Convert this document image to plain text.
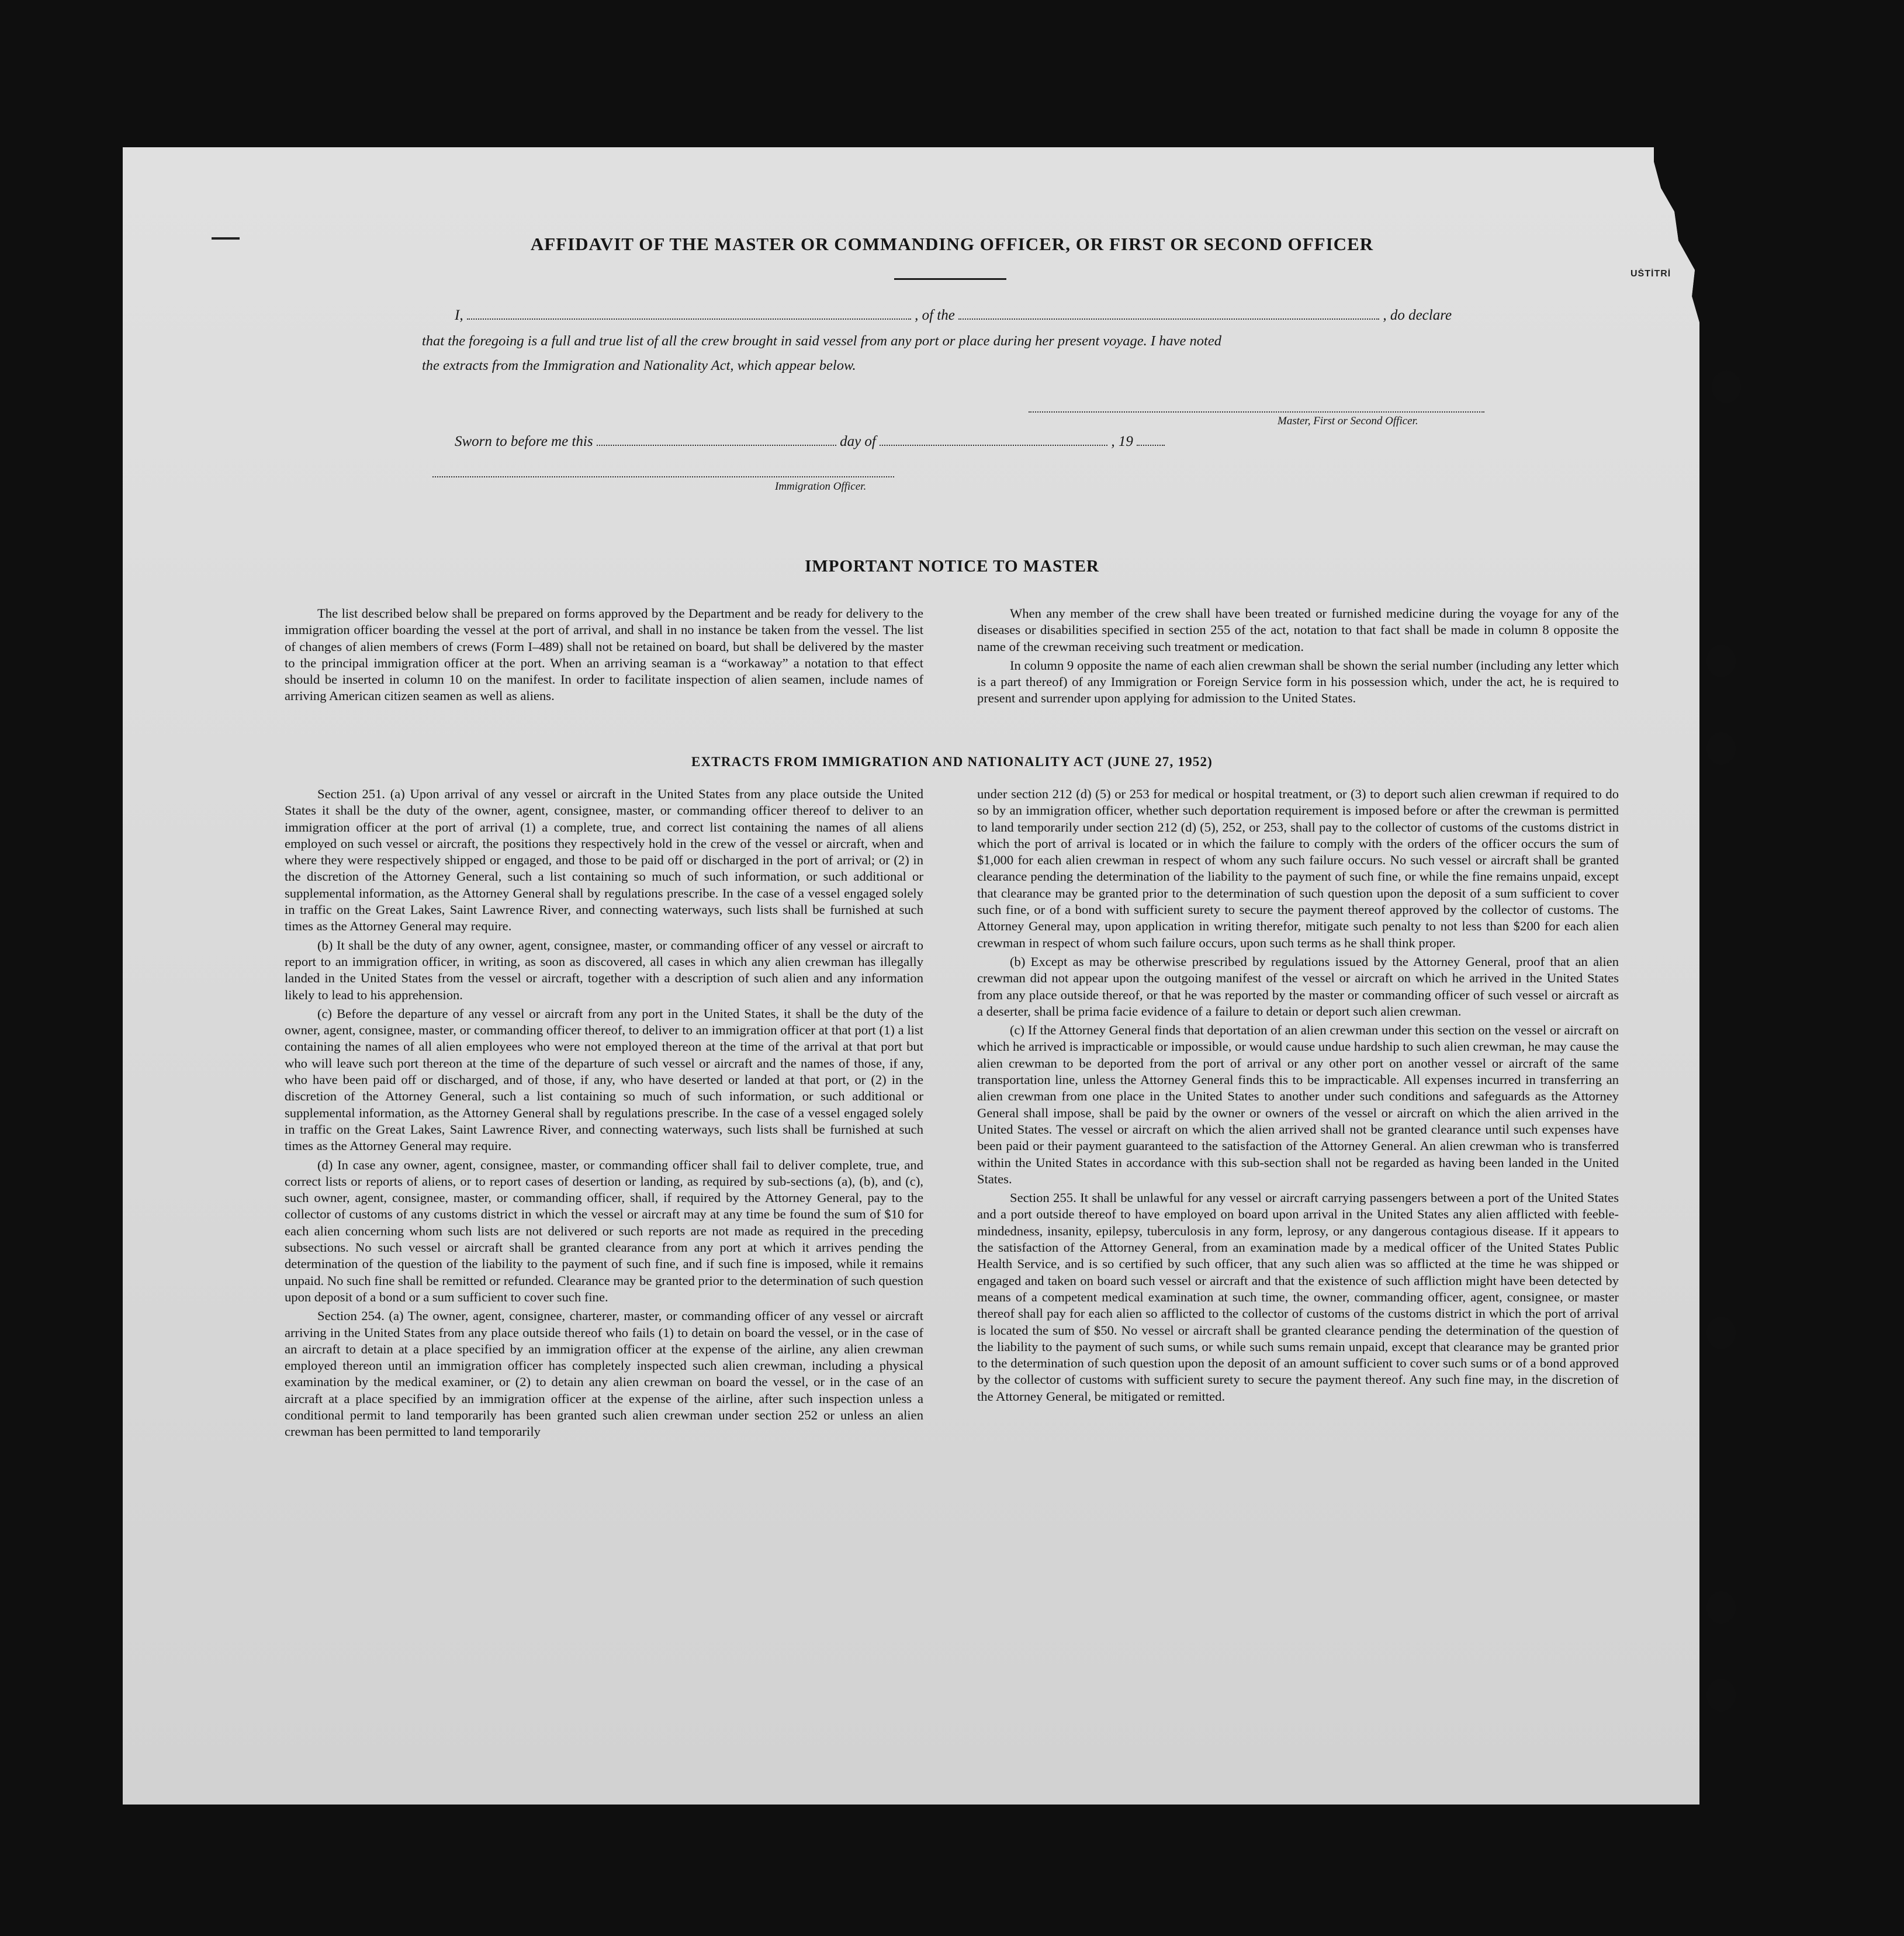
UŠTİTRİ
AFFIDAVIT OF THE MASTER OR COMMANDING OFFICER, OR FIRST OR SECOND OFFICER
I,	, of the	, do declare
that the foregoing is a full and true list of all the crew brought in said vessel from any port or place during her present voyage. I have noted
the extracts from the Immigration and Nationality Act, which appear below.
Master, First or Second Officer.
Sworn to before me this	day of	, 19
Immigration Officer.
IMPORTANT NOTICE TO MASTER

The list described below shall be prepared on forms approved by the Department and be ready for delivery to the immigration officer boarding the vessel at the port of arrival, and shall in no instance be taken from the vessel. The list of changes of alien members of crews (Form I–489) shall not be retained on board, but shall be delivered by the master to the principal immigration officer at the port. When an arriving seaman is a “workaway” a notation to that effect should be inserted in column 10 on the manifest. In order to facilitate inspection of alien seamen, include names of arriving American citizen seamen as well as aliens.

When any member of the crew shall have been treated or furnished medicine during the voyage for any of the diseases or disabilities specified in section 255 of the act, notation to that fact shall be made in column 8 opposite the name of the crewman receiving such treatment or medication.

In column 9 opposite the name of each alien crewman shall be shown the serial number (including any letter which is a part thereof) of any Immigration or Foreign Service form in his possession which, under the act, he is required to present and surrender upon applying for admission to the United States.

EXTRACTS FROM IMMIGRATION AND NATIONALITY ACT (JUNE 27, 1952)

Section 251. (a) Upon arrival of any vessel or aircraft in the United States from any place outside the United States it shall be the duty of the owner, agent, consignee, master, or commanding officer thereof to deliver to an immigration officer at the port of arrival (1) a complete, true, and correct list containing the names of all aliens employed on such vessel or aircraft, the positions they respectively hold in the crew of the vessel or aircraft, when and where they were respectively shipped or engaged, and those to be paid off or discharged in the port of arrival; or (2) in the discretion of the Attorney General, such a list containing so much of such information, or such additional or supplemental information, as the Attorney General shall by regulations prescribe. In the case of a vessel engaged solely in traffic on the Great Lakes, Saint Lawrence River, and connecting waterways, such lists shall be furnished at such times as the Attorney General may require.

(b) It shall be the duty of any owner, agent, consignee, master, or commanding officer of any vessel or aircraft to report to an immigration officer, in writing, as soon as discovered, all cases in which any alien crewman has illegally landed in the United States from the vessel or aircraft, together with a description of such alien and any information likely to lead to his apprehension.

(c) Before the departure of any vessel or aircraft from any port in the United States, it shall be the duty of the owner, agent, consignee, master, or commanding officer thereof, to deliver to an immigration officer at that port (1) a list containing the names of all alien employees who were not employed thereon at the time of the arrival at that port but who will leave such port thereon at the time of the departure of such vessel or aircraft and the names of those, if any, who have been paid off or discharged, and of those, if any, who have deserted or landed at that port, or (2) in the discretion of the Attorney General, such a list containing so much of such information, or such additional or supplemental information, as the Attorney General shall by regulations prescribe. In the case of a vessel engaged solely in traffic on the Great Lakes, Saint Lawrence River, and connecting waterways, such lists shall be furnished at such times as the Attorney General may require.

(d) In case any owner, agent, consignee, master, or commanding officer shall fail to deliver complete, true, and correct lists or reports of aliens, or to report cases of desertion or landing, as required by sub-sections (a), (b), and (c), such owner, agent, consignee, master, or commanding officer, shall, if required by the Attorney General, pay to the collector of customs of any customs district in which the vessel or aircraft may at any time be found the sum of $10 for each alien concerning whom such lists are not delivered or such reports are not made as required in the preceding subsections. No such vessel or aircraft shall be granted clearance from any port at which it arrives pending the determination of the question of the liability to the payment of such fine, and if such fine is imposed, while it remains unpaid. No such fine shall be remitted or refunded. Clearance may be granted prior to the determination of such question upon deposit of a bond or a sum sufficient to cover such fine.

Section 254. (a) The owner, agent, consignee, charterer, master, or commanding officer of any vessel or aircraft arriving in the United States from any place outside thereof who fails (1) to detain on board the vessel, or in the case of an aircraft to detain at a place specified by an immigration officer at the expense of the airline, any alien crewman employed thereon until an immigration officer has completely inspected such alien crewman, including a physical examination by the medical examiner, or (2) to detain any alien crewman on board the vessel, or in the case of an aircraft at a place specified by an immigration officer at the expense of the airline, after such inspection unless a conditional permit to land temporarily has been granted such alien crewman under section 252 or unless an alien crewman has been permitted to land temporarily

under section 212 (d) (5) or 253 for medical or hospital treatment, or (3) to deport such alien crewman if required to do so by an immigration officer, whether such deportation requirement is imposed before or after the crewman is permitted to land temporarily under section 212 (d) (5), 252, or 253, shall pay to the collector of customs of the customs district in which the port of arrival is located or in which the failure to comply with the orders of the officer occurs the sum of $1,000 for each alien crewman in respect of whom any such failure occurs. No such vessel or aircraft shall be granted clearance pending the determination of the liability to the payment of such fine, or while the fine remains unpaid, except that clearance may be granted prior to the determination of such question upon the deposit of a sum sufficient to cover such fine, or of a bond with sufficient surety to secure the payment thereof approved by the collector of customs. The Attorney General may, upon application in writing therefor, mitigate such penalty to not less than $200 for each alien crewman in respect of whom such failure occurs, upon such terms as he shall think proper.

(b) Except as may be otherwise prescribed by regulations issued by the Attorney General, proof that an alien crewman did not appear upon the outgoing manifest of the vessel or aircraft on which he arrived in the United States from any place outside thereof, or that he was reported by the master or commanding officer of such vessel or aircraft as a deserter, shall be prima facie evidence of a failure to detain or deport such alien crewman.

(c) If the Attorney General finds that deportation of an alien crewman under this section on the vessel or aircraft on which he arrived is impracticable or impossible, or would cause undue hardship to such alien crewman, he may cause the alien crewman to be deported from the port of arrival or any other port on another vessel or aircraft of the same transportation line, unless the Attorney General finds this to be impracticable. All expenses incurred in transferring an alien crewman from one place in the United States to another under such conditions and safeguards as the Attorney General shall impose, shall be paid by the owner or owners of the vessel or aircraft on which the alien arrived in the United States. The vessel or aircraft on which the alien arrived shall not be granted clearance until such expenses have been paid or their payment guaranteed to the satisfaction of the Attorney General. An alien crewman who is transferred within the United States in accordance with this sub-section shall not be regarded as having been landed in the United States.

Section 255. It shall be unlawful for any vessel or aircraft carrying passengers between a port of the United States and a port outside thereof to have employed on board upon arrival in the United States any alien afflicted with feeble-mindedness, insanity, epilepsy, tuberculosis in any form, leprosy, or any dangerous contagious disease. If it appears to the satisfaction of the Attorney General, from an examination made by a medical officer of the United States Public Health Service, and is so certified by such officer, that any such alien was so afflicted at the time he was shipped or engaged and taken on board such vessel or aircraft and that the existence of such affliction might have been detected by means of a competent medical examination at such time, the owner, commanding officer, agent, consignee, or master thereof shall pay for each alien so afflicted to the collector of customs of the customs district in which the port of arrival is located the sum of $50. No vessel or aircraft shall be granted clearance pending the determination of the question of the liability to the payment of such sums, or while such sums remain unpaid, except that clearance may be granted prior to the determination of such question upon the deposit of an amount sufficient to cover such sums or of a bond approved by the collector of customs with sufficient surety to secure the payment thereof. Any such fine may, in the discretion of the Attorney General, be mitigated or remitted.
